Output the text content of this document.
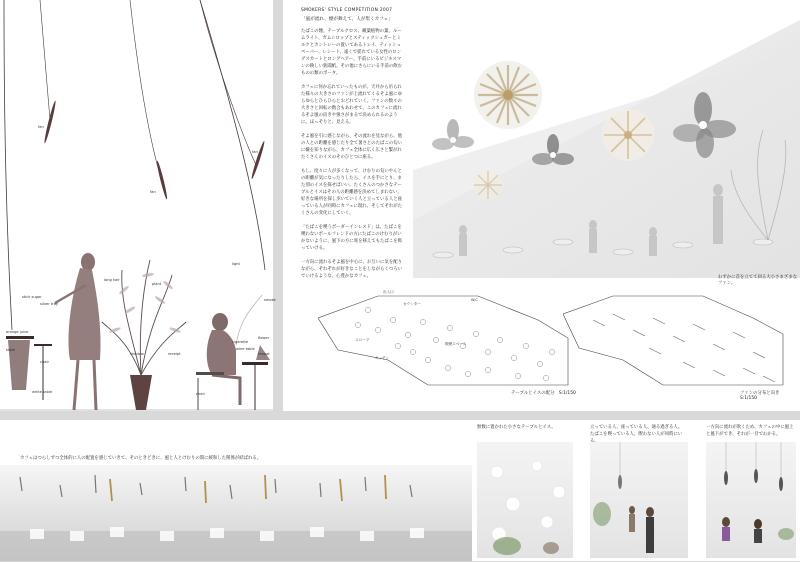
fan
fan
fan
light
stick sugar
silver tray
long hair
smoke
orange juice
chair
table
white table
receipt
cigarette
wine table
flower
teapot
shadow
chair
plant
SMOKERS' STYLE COMPETITION 2007
「風が流れ、煙が舞えて、人が集くカフェ」

たばこの煙、テーブルクロス、観葉植物の葉、ルームライト、ガムシロップとスティックシュガーとミルクとカントレーの置いてあるトレイ、ティッシュペーパー、レシート、遠くで揺れている女性のロングスカートとロングヘアー、手前にいるビジネスマンの険しい新聞紙。その他にさらにいる手前の飲むものの類のポータ。

カフェに何か忘れていったものが、天井から吊られた様々の大きさのファンが上流れてくるそよ風にゆらゆらとひらひらとおどれていく。ファンの数々の大きさと回転の数合もあわせて、このカフェに流れるそよ風の向きや強さがまるで決められるのように、ほっそりと、見える。

そよ風を引に感じながら、その流れを見ながら、他の人との距離を感じたり全て暑さとのたばこの匂いに嫌を知りながら、カフェ全体に広く広さと繋がれたくさんのイスのそのひとつに座る。

もし、度々に人が多くなって、けむりの匂いやんとの距離が気になったりしたら、イスを手にとり、また別のイスを探せばいい。たくさんのつかさなテーブルとイスはその人の距離感を決めてしまわない、好きな場所を探し歩いていく人と立っている人と座っている人が同時にカフェに現れ、そしてそれがたくさんの変化にしていく。

「たばこを喫うボーダーインレスド」は、たばこを喫わないボールフレンドの方にたばこのけむりがいかないように、風下の方に席を移えてもたばこを吸っていける。

一方向に流れるそよ風を中心に、お互いに気を配りながら、それぞれが好きなことをしながらくつろいでいけるような、心豊かなカフェ。	わずかに首を立てて回る大小さまざまなファン。
出入口
カウンター
W.C
スロープ
キッチン
喫煙スペース
テーブルとイスの配分　S:1/150	ファンの分布と向き　S:1/150
カフェはつらしずつ全体的に人の配置を感じていきて、そのときどきに、風と人とけむりの間に緩和した関係が結ばれる。
無数に置かれた小さなテーブルとイス。	立っている人、座っている人、通る過ぎる人。たばこを喫っている人、喫わない人が同時にい
一方向に流れが吹くため、カフェの中に風上と風下ができ、それが一目でわかる。
